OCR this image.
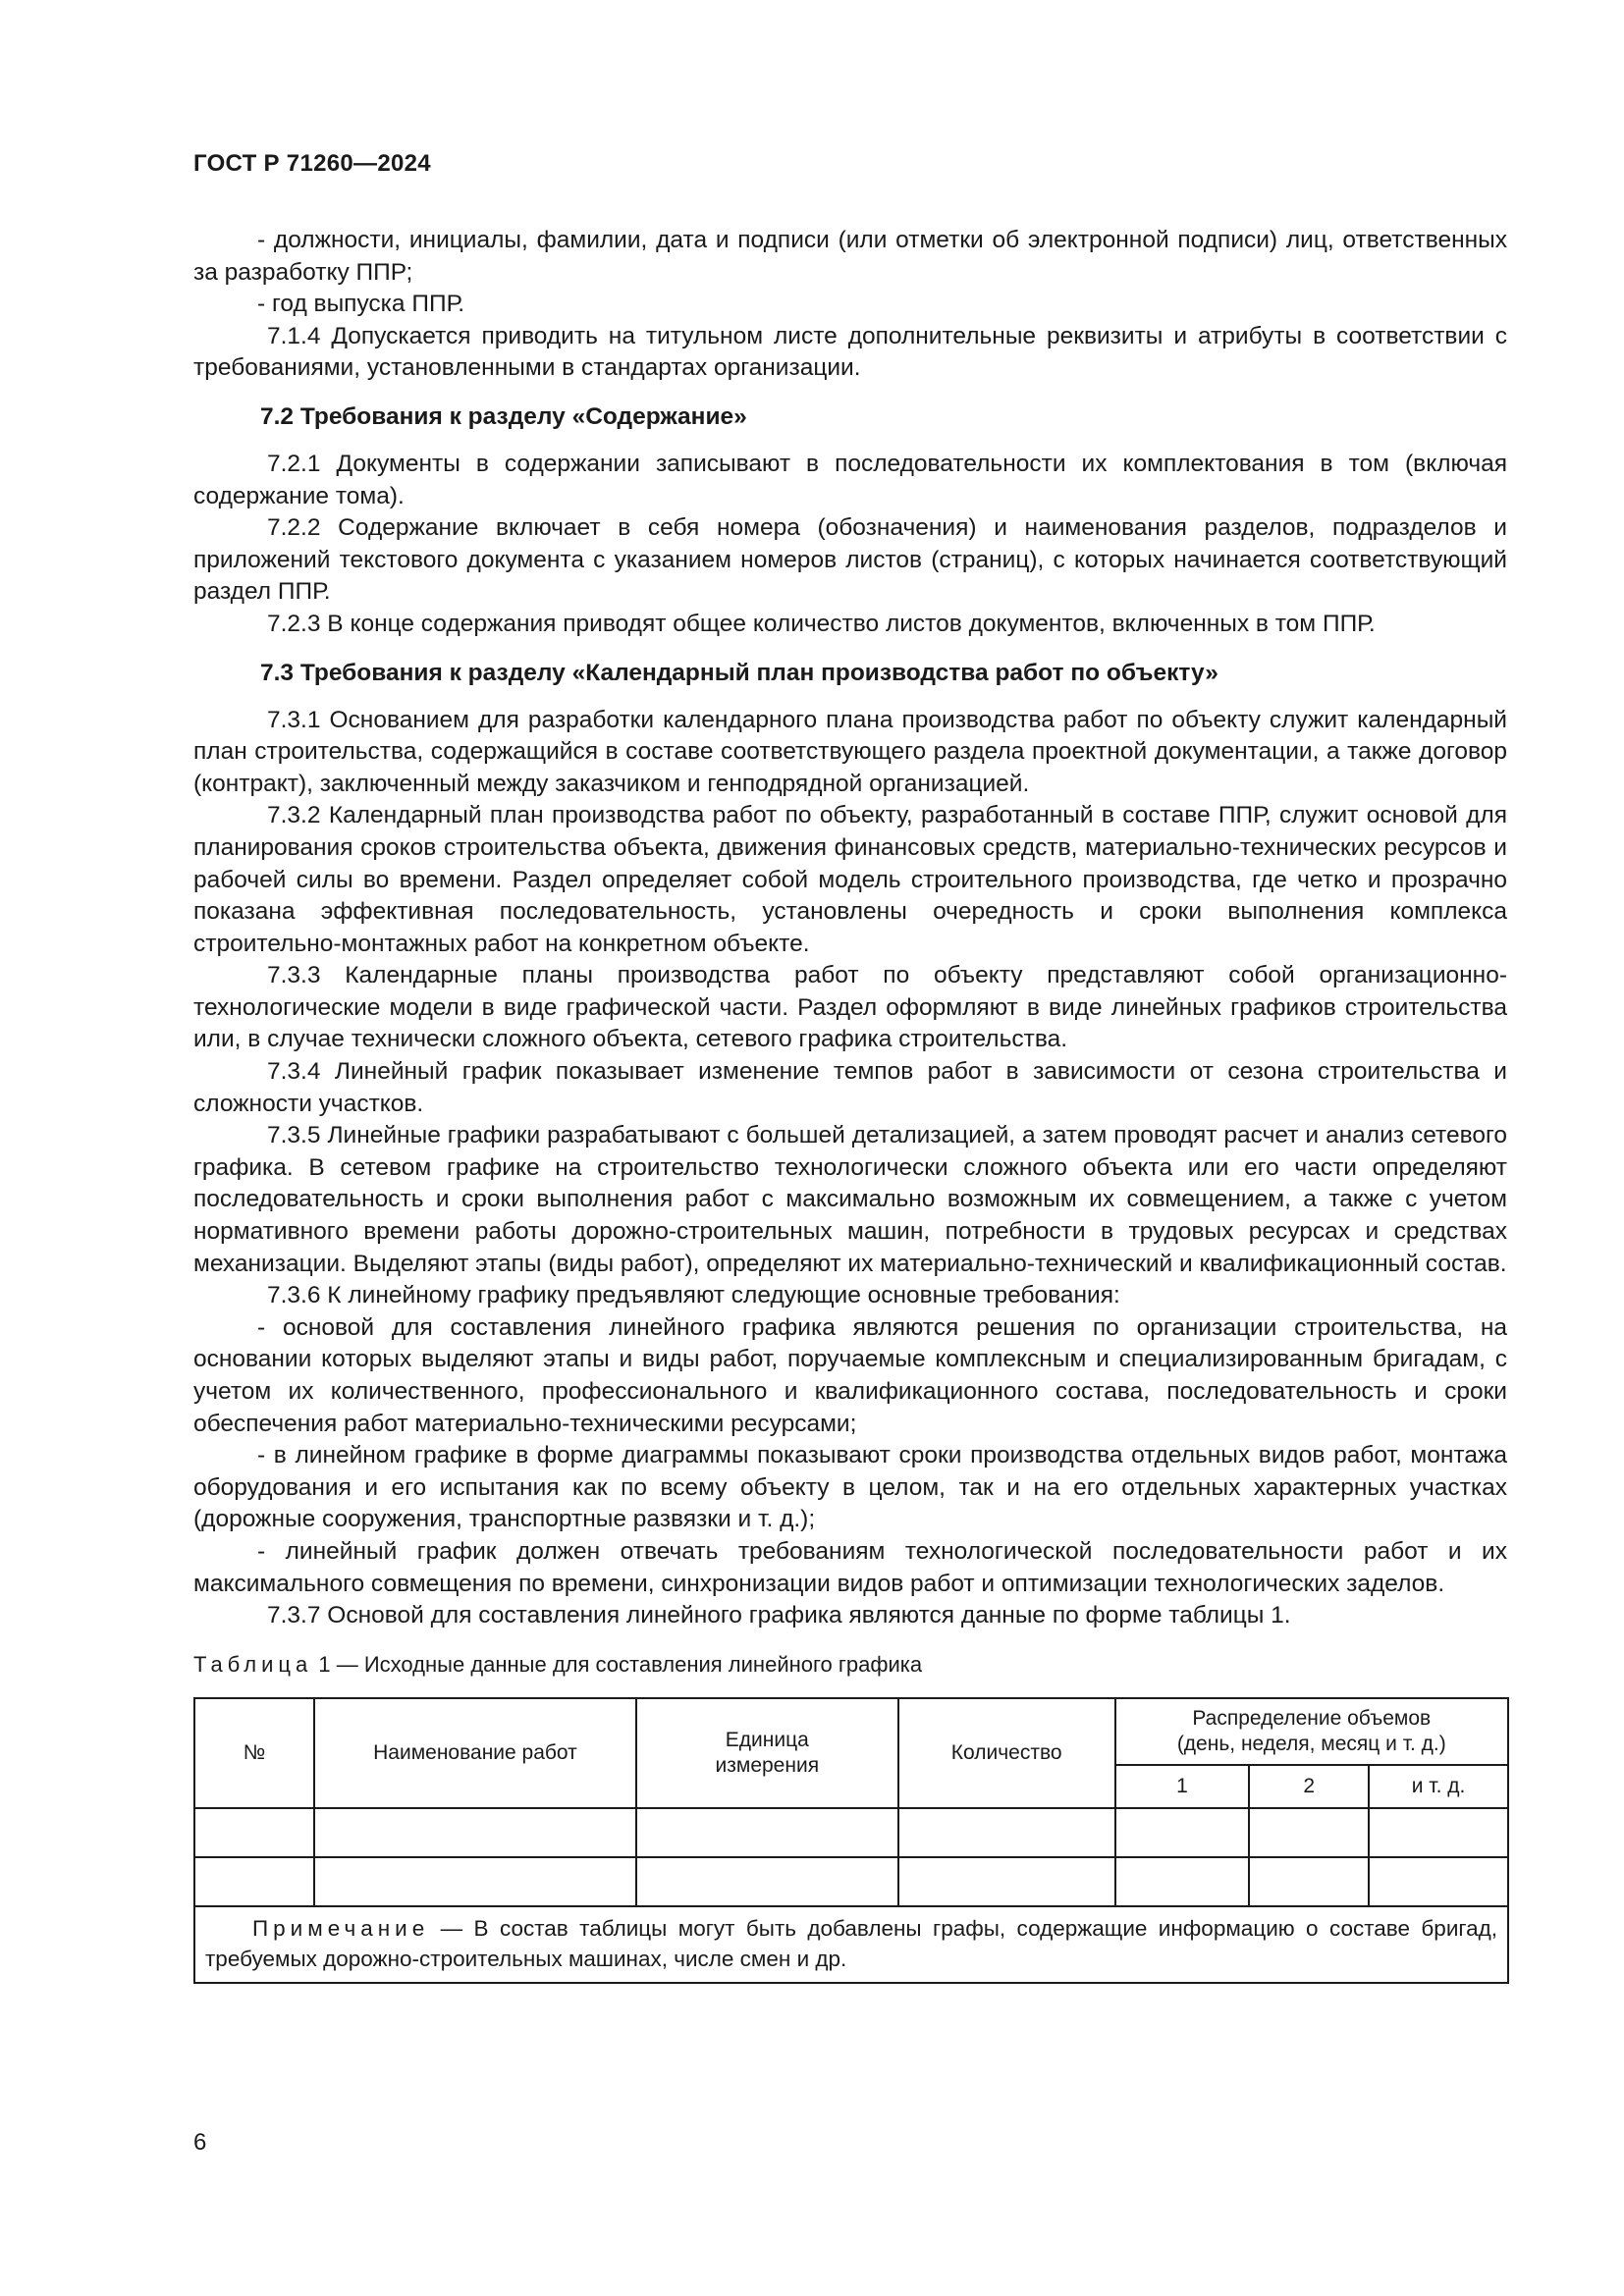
ГОСТ Р 71260—2024

- должности, инициалы, фамилии, дата и подписи (или отметки об электронной подписи) лиц, ответственных за разработку ППР;

- год выпуска ППР.

7.1.4 Допускается приводить на титульном листе дополнительные реквизиты и атрибуты в соответствии с требованиями, установленными в стандартах организации.

7.2 Требования к разделу «Содержание»

7.2.1 Документы в содержании записывают в последовательности их комплектования в том (включая содержание тома).

7.2.2 Содержание включает в себя номера (обозначения) и наименования разделов, подразделов и приложений текстового документа с указанием номеров листов (страниц), с которых начинается соответствующий раздел ППР.

7.2.3 В конце содержания приводят общее количество листов документов, включенных в том ППР.

7.3 Требования к разделу «Календарный план производства работ по объекту»

7.3.1 Основанием для разработки календарного плана производства работ по объекту служит календарный план строительства, содержащийся в составе соответствующего раздела проектной документации, а также договор (контракт), заключенный между заказчиком и генподрядной организацией.

7.3.2 Календарный план производства работ по объекту, разработанный в составе ППР, служит основой для планирования сроков строительства объекта, движения финансовых средств, материально-технических ресурсов и рабочей силы во времени. Раздел определяет собой модель строительного производства, где четко и прозрачно показана эффективная последовательность, установлены очередность и сроки выполнения комплекса строительно-монтажных работ на конкретном объекте.

7.3.3 Календарные планы производства работ по объекту представляют собой организационно-технологические модели в виде графической части. Раздел оформляют в виде линейных графиков строительства или, в случае технически сложного объекта, сетевого графика строительства.

7.3.4 Линейный график показывает изменение темпов работ в зависимости от сезона строительства и сложности участков.

7.3.5 Линейные графики разрабатывают с большей детализацией, а затем проводят расчет и анализ сетевого графика. В сетевом графике на строительство технологически сложного объекта или его части определяют последовательность и сроки выполнения работ с максимально возможным их совмещением, а также с учетом нормативного времени работы дорожно-строительных машин, потребности в трудовых ресурсах и средствах механизации. Выделяют этапы (виды работ), определяют их материально-технический и квалификационный состав.

7.3.6 К линейному графику предъявляют следующие основные требования:

- основой для составления линейного графика являются решения по организации строительства, на основании которых выделяют этапы и виды работ, поручаемые комплексным и специализированным бригадам, с учетом их количественного, профессионального и квалификационного состава, последовательность и сроки обеспечения работ материально-техническими ресурсами;

- в линейном графике в форме диаграммы показывают сроки производства отдельных видов работ, монтажа оборудования и его испытания как по всему объекту в целом, так и на его отдельных характерных участках (дорожные сооружения, транспортные развязки и т. д.);

- линейный график должен отвечать требованиям технологической последовательности работ и их максимального совмещения по времени, синхронизации видов работ и оптимизации технологических заделов.

7.3.7 Основой для составления линейного графика являются данные по форме таблицы 1.

Таблица 1 — Исходные данные для составления линейного графика
№	Наименование работ	Единица измерения	Количество	Распределение объемов (день, неделя, месяц и т. д.)		
				1	2	и т. д.

Примечание — В состав таблицы могут быть добавлены графы, содержащие информацию о составе бригад, требуемых дорожно-строительных машинах, числе смен и др.						
6
